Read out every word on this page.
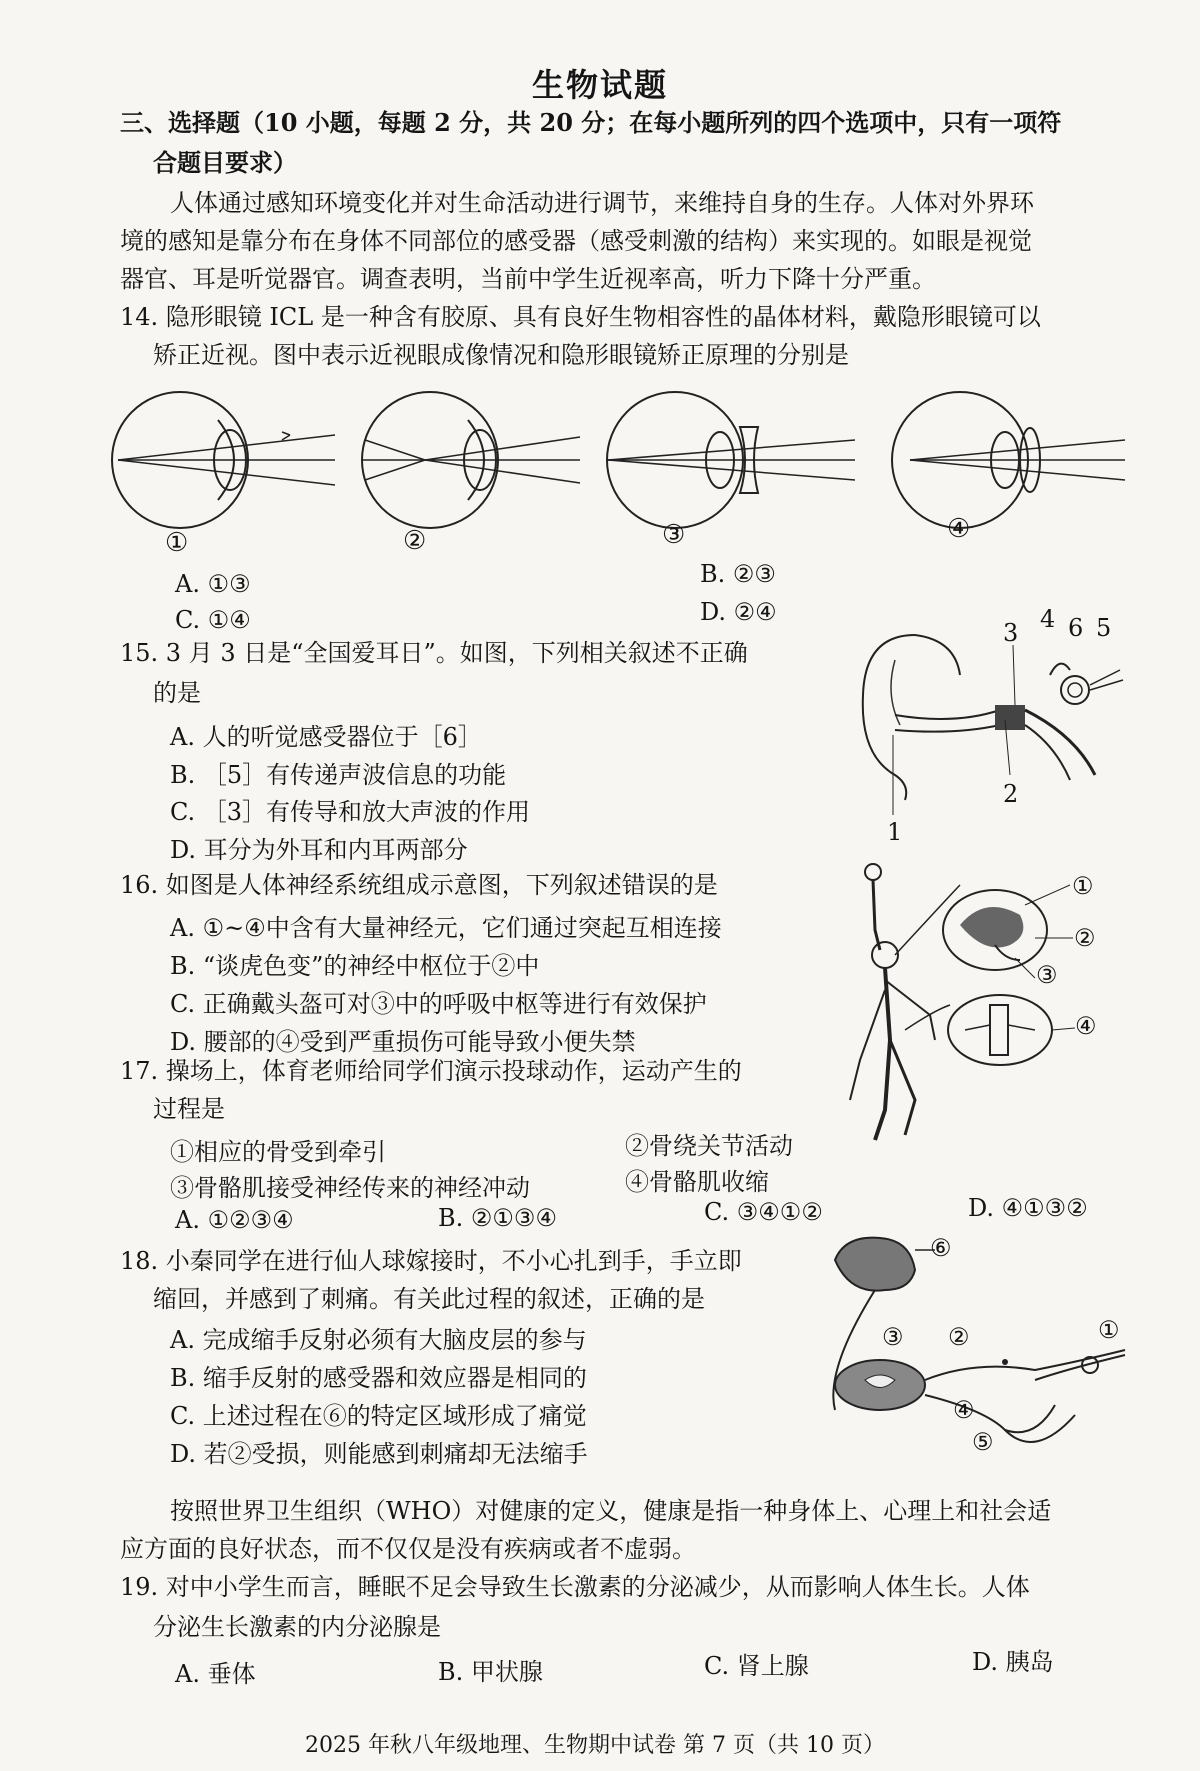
生物试题
三、选择题（10 小题，每题 2 分，共 20 分；在每小题所列的四个选项中，只有一项符
合题目要求）
人体通过感知环境变化并对生命活动进行调节，来维持自身的生存。人体对外界环
境的感知是靠分布在身体不同部位的感受器（感受刺激的结构）来实现的。如眼是视觉
器官、耳是听觉器官。调查表明，当前中学生近视率高，听力下降十分严重。
14. 隐形眼镜 ICL 是一种含有胶原、具有良好生物相容性的晶体材料，戴隐形眼镜可以
矫正近视。图中表示近视眼成像情况和隐形眼镜矫正原理的分别是
①	②	③	④
A. ①③	B. ②③
C. ①④	D. ②④
15. 3 月 3 日是“全国爱耳日”。如图，下列相关叙述不正确
的是
A. 人的听觉感受器位于［6］
B. ［5］有传递声波信息的功能
C. ［3］有传导和放大声波的作用
D. 耳分为外耳和内耳两部分
1
2
3 4 5
6
16. 如图是人体神经系统组成示意图，下列叙述错误的是
A. ①~④中含有大量神经元，它们通过突起互相连接
B. “谈虎色变”的神经中枢位于②中
C. 正确戴头盔可对③中的呼吸中枢等进行有效保护
D. 腰部的④受到严重损伤可能导致小便失禁
①
②
③
④
17. 操场上，体育老师给同学们演示投球动作，运动产生的
过程是
①相应的骨受到牵引	②骨绕关节活动
③骨骼肌接受神经传来的神经冲动	④骨骼肌收缩
A. ①②③④	B. ②①③④	C. ③④①②	D. ④①③②
18. 小秦同学在进行仙人球嫁接时，不小心扎到手，手立即
缩回，并感到了刺痛。有关此过程的叙述，正确的是
A. 完成缩手反射必须有大脑皮层的参与
B. 缩手反射的感受器和效应器是相同的
C. 上述过程在⑥的特定区域形成了痛觉
D. 若②受损，则能感到刺痛却无法缩手
⑥
①
②
③
④
⑤
按照世界卫生组织（WHO）对健康的定义，健康是指一种身体上、心理上和社会适
应方面的良好状态，而不仅仅是没有疾病或者不虚弱。
19. 对中小学生而言，睡眠不足会导致生长激素的分泌减少，从而影响人体生长。人体
分泌生长激素的内分泌腺是
A. 垂体	B. 甲状腺	C. 肾上腺	D. 胰岛
2025 年秋八年级地理、生物期中试卷 第 7 页（共 10 页）
